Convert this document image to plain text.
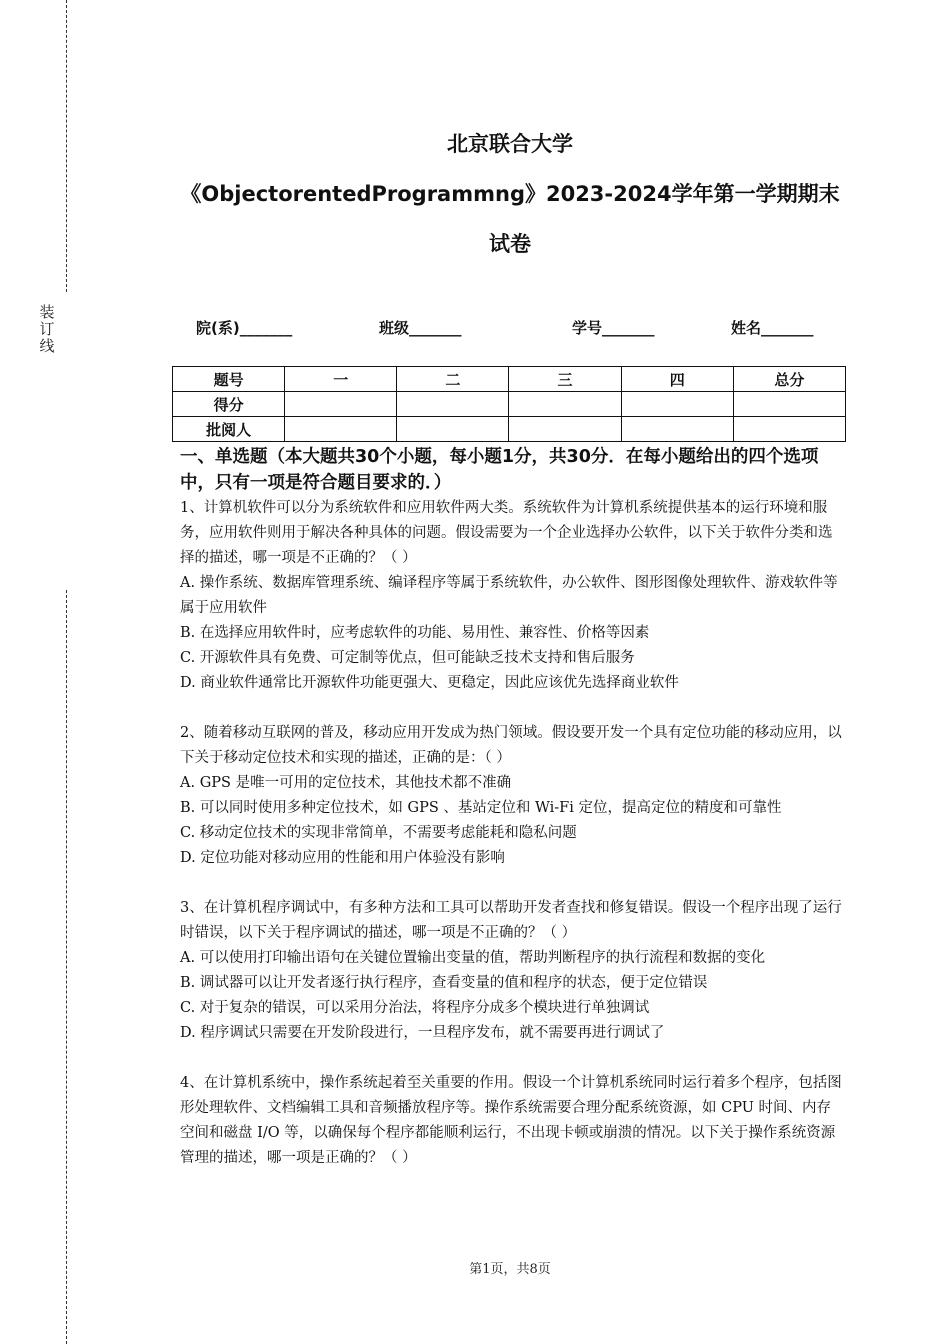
装订线
北京联合大学
《ObjectorentedProgrammng》2023-2024学年第一学期期末
试卷
院(系)_______	班级_______	学号_______	姓名_______
题号	一	二	三	四	总分
得分					
批阅人					

一、单选题（本大题共30个小题，每小题1分，共30分．在每小题给出的四个选项中，只有一项是符合题目要求的．）

1、计算机软件可以分为系统软件和应用软件两大类。系统软件为计算机系统提供基本的运行环境和服务，应用软件则用于解决各种具体的问题。假设需要为一个企业选择办公软件，以下关于软件分类和选择的描述，哪一项是不正确的？（ ）

A. 操作系统、数据库管理系统、编译程序等属于系统软件，办公软件、图形图像处理软件、游戏软件等属于应用软件

B. 在选择应用软件时，应考虑软件的功能、易用性、兼容性、价格等因素

C. 开源软件具有免费、可定制等优点，但可能缺乏技术支持和售后服务

D. 商业软件通常比开源软件功能更强大、更稳定，因此应该优先选择商业软件

2、随着移动互联网的普及，移动应用开发成为热门领域。假设要开发一个具有定位功能的移动应用，以下关于移动定位技术和实现的描述，正确的是：（ ）

A. GPS 是唯一可用的定位技术，其他技术都不准确

B. 可以同时使用多种定位技术，如 GPS 、基站定位和 Wi-Fi 定位，提高定位的精度和可靠性

C. 移动定位技术的实现非常简单，不需要考虑能耗和隐私问题

D. 定位功能对移动应用的性能和用户体验没有影响

3、在计算机程序调试中，有多种方法和工具可以帮助开发者查找和修复错误。假设一个程序出现了运行时错误，以下关于程序调试的描述，哪一项是不正确的？（ ）

A. 可以使用打印输出语句在关键位置输出变量的值，帮助判断程序的执行流程和数据的变化

B. 调试器可以让开发者逐行执行程序，查看变量的值和程序的状态，便于定位错误

C. 对于复杂的错误，可以采用分治法，将程序分成多个模块进行单独调试

D. 程序调试只需要在开发阶段进行，一旦程序发布，就不需要再进行调试了

4、在计算机系统中，操作系统起着至关重要的作用。假设一个计算机系统同时运行着多个程序，包括图形处理软件、文档编辑工具和音频播放程序等。操作系统需要合理分配系统资源，如 CPU 时间、内存空间和磁盘 I/O 等，以确保每个程序都能顺利运行，不出现卡顿或崩溃的情况。以下关于操作系统资源管理的描述，哪一项是正确的？（ ）

第1页，共8页
